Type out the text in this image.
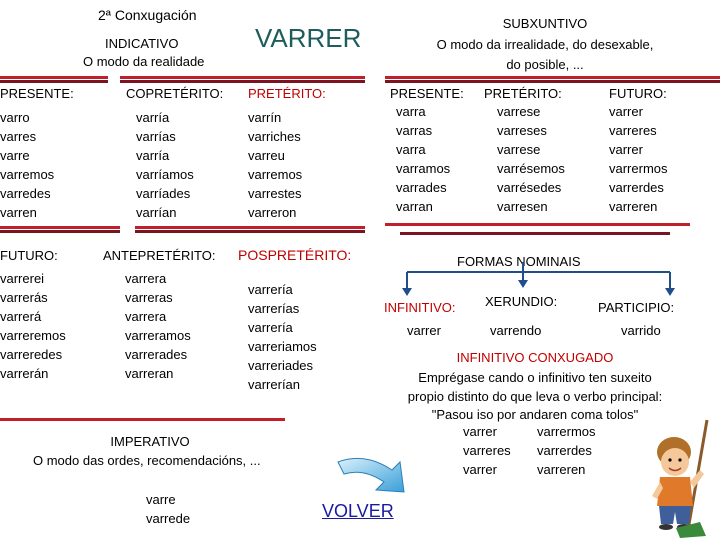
2ª Conxugación
VARRER
INDICATIVO
O modo da realidade
SUBXUNTIVO
O modo da irrealidade, do desexable,
do posible, ...
PRESENTE:
varro
varres
varre
varremos
varredes
varren
COPRETÉRITO:
varría
varrías
varría
varríamos
varríades
varrían
PRETÉRITO:
varrín
varriches
varreu
varremos
varrestes
varreron
FUTURO:
varrerei
varrerás
varrerá
varreremos
varreredes
varrerán
ANTEPRETÉRITO:
varrera
varreras
varrera
varreramos
varrerades
varreran
POSPRETÉRITO:
varrería
varrerías
varrería
varreriamos
varreriades
varrerían
PRESENTE:
varra
varras
varra
varramos
varrades
varran
PRETÉRITO:
varrese
varreses
varrese
varrésemos
varrésedes
varresen
FUTURO:
varrer
varreres
varrer
varrermos
varrerdes
varreren
FORMAS NOMINAIS
INFINITIVO:
varrer
XERUNDIO:
varrendo
PARTICIPIO:
varrido
INFINITIVO CONXUGADO
Emprégase cando o infinitivo ten suxeito
propio distinto do que leva o verbo principal:
"Pasou iso por andaren coma tolos"
varrer
varreres
varrer
varrermos
varrerdes
varreren
IMPERATIVO
O modo das ordes, recomendacións, ...
varre
varrede	VOLVER
